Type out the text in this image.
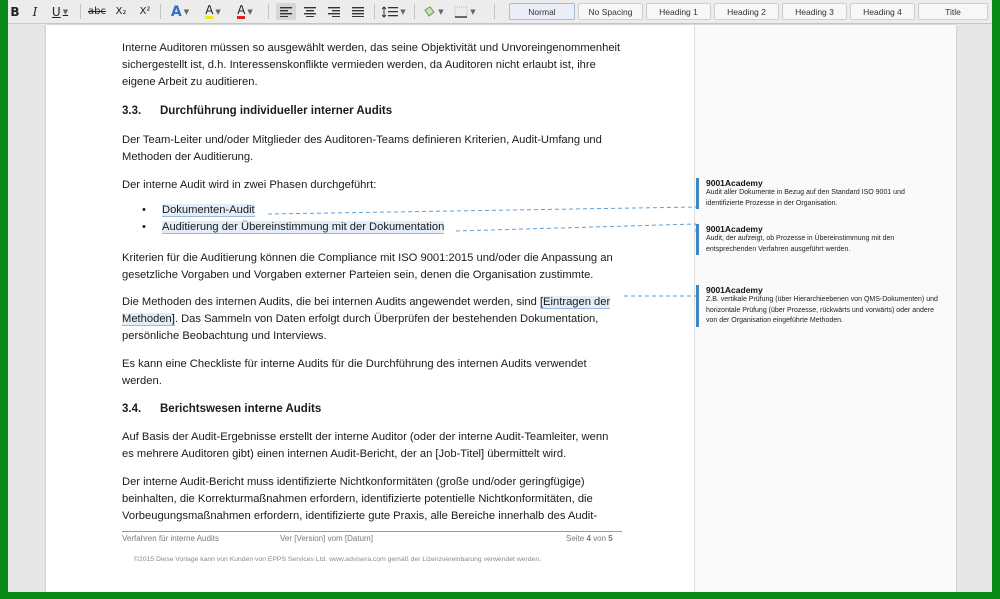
B	I	U ▼ abc X₂	X² A ▼ A ▼ A ▼	▼	▼	▼	Normal	No Spacing	Heading 1	Heading 2	Heading 3	Heading 4	Title
Interne Auditoren müssen so ausgewählt werden, das seine Objektivität und Unvoreingenommenheit sichergestellt ist, d.h. Interessenskonflikte vermieden werden, da Auditoren nicht erlaubt ist, ihre eigene Arbeit zu auditieren.
3.3. Durchführung individueller interner Audits
Der Team-Leiter und/oder Mitglieder des Auditoren-Teams definieren Kriterien, Audit-Umfang und Methoden der Auditierung.
Der interne Audit wird in zwei Phasen durchgeführt:
• Dokumenten-Audit
• Auditierung der Übereinstimmung mit der Dokumentation
Kriterien für die Auditierung können die Compliance mit ISO 9001:2015 und/oder die Anpassung an gesetzliche Vorgaben und Vorgaben externer Parteien sein, denen die Organisation zustimmte.
Die Methoden des internen Audits, die bei internen Audits angewendet werden, sind [Eintragen der Methoden]. Das Sammeln von Daten erfolgt durch Überprüfen der bestehenden Dokumentation, persönliche Beobachtung und Interviews.
Es kann eine Checkliste für interne Audits für die Durchführung des internen Audits verwendet werden.
3.4. Berichtswesen interne Audits
Auf Basis der Audit-Ergebnisse erstellt der interne Auditor (oder der interne Audit-Teamleiter, wenn es mehrere Auditoren gibt) einen internen Audit-Bericht, der an [Job-Titel] übermittelt wird.
Der interne Audit-Bericht muss identifizierte Nichtkonformitäten (große und/oder geringfügige) beinhalten, die Korrekturmaßnahmen erfordern, identifizierte potentielle Nichtkonformitäten, die Vorbeugungsmaßnahmen erfordern, identifizierte gute Praxis, alle Bereiche innerhalb des Audit-
Verfahren für interne Audits	Ver [Version] vom [Datum]	Seite 4 von 5
©2015 Diese Vorlage kann von Kunden von EPPS Services Ltd. www.advisera.com gemäß der Lizenzvereinbarung verwendet werden.
9001Academy
Audit aller Dokumente in Bezug auf den Standard ISO 9001 und identifizierte Prozesse in der Organisation.
9001Academy
Audit, der aufzeigt, ob Prozesse in Übereinstimmung mit den entsprechenden Verfahren ausgeführt werden.
9001Academy
Z.B. vertikale Prüfung (über Hierarchieebenen von QMS-Dokumenten) und horizontale Prüfung (über Prozesse, rückwärts und vorwärts) oder andere von der Organisation eingeführte Methoden.
